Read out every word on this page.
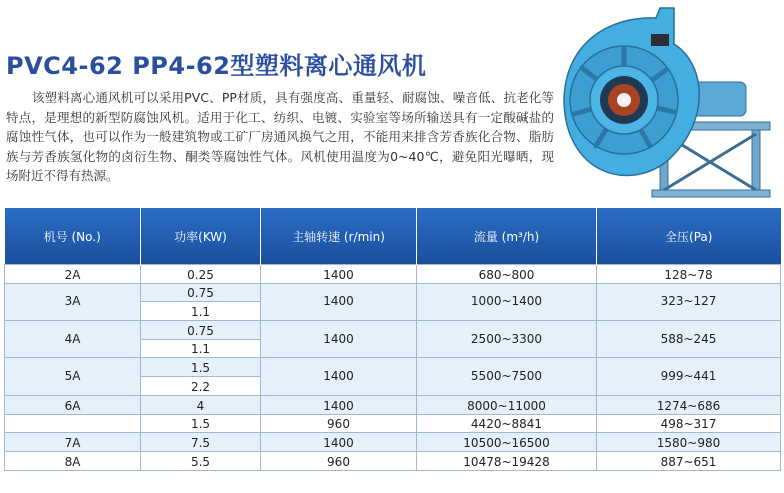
PVC4-62 PP4-62型塑料离心通风机

该塑料离心通风机可以采用PVC、PP材质，具有强度高、重量轻、耐腐蚀、噪音低、抗老化等特点，是理想的新型防腐蚀风机。适用于化工、纺织、电镀、实验室等场所输送具有一定酸碱盐的腐蚀性气体，也可以作为一般建筑物或工矿厂房通风换气之用，不能用来排含芳香族化合物、脂肪族与芳香族氢化物的卤衍生物、酮类等腐蚀性气体。风机使用温度为0~40℃，避免阳光曝晒，现场附近不得有热源。

机号 (No.)	功率(KW)	主轴转速 (r/min)	流量 (m³/h)	全压(Pa)
2A	0.25	1400	680~800	128~78
3A	0.75	1400	1000~1400	323~127
	1.1			
4A	0.75	1400	2500~3300	588~245
	1.1			
5A	1.5	1400	5500~7500	999~441
	2.2			
6A	4	1400	8000~11000	1274~686
	1.5	960	4420~8841	498~317
7A	7.5	1400	10500~16500	1580~980
8A	5.5	960	10478~19428	887~651
